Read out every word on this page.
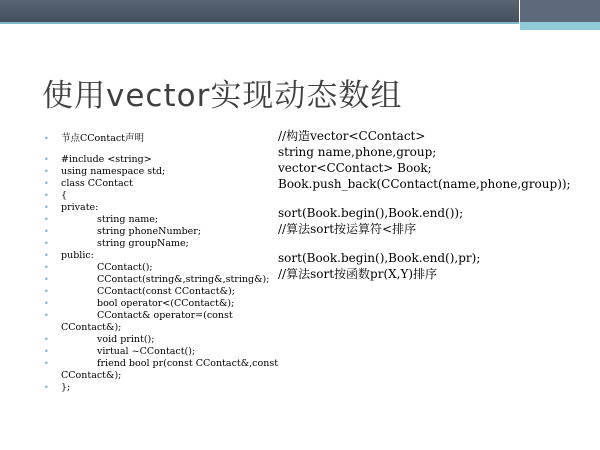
使用vector实现动态数组
• 节点CContact声明
• #include <string>
• using namespace std;
• class CContact
• {
• private:
• string name;
• string phoneNumber;
• string groupName;
• public:
• CContact();
• CContact(string&,string&,string&);
• CContact(const CContact&);
• bool operator<(CContact&);
• CContact& operator=(const CContact&);
• void print();
• virtual ~CContact();
• friend bool pr(const CContact&,const CContact&);
• };
//构造vector<CContact>
string name,phone,group;
vector<CContact> Book;
Book.push_back(CContact(name,phone,group));
sort(Book.begin(),Book.end());
//算法sort按运算符<排序
sort(Book.begin(),Book.end(),pr);
//算法sort按函数pr(X,Y)排序
